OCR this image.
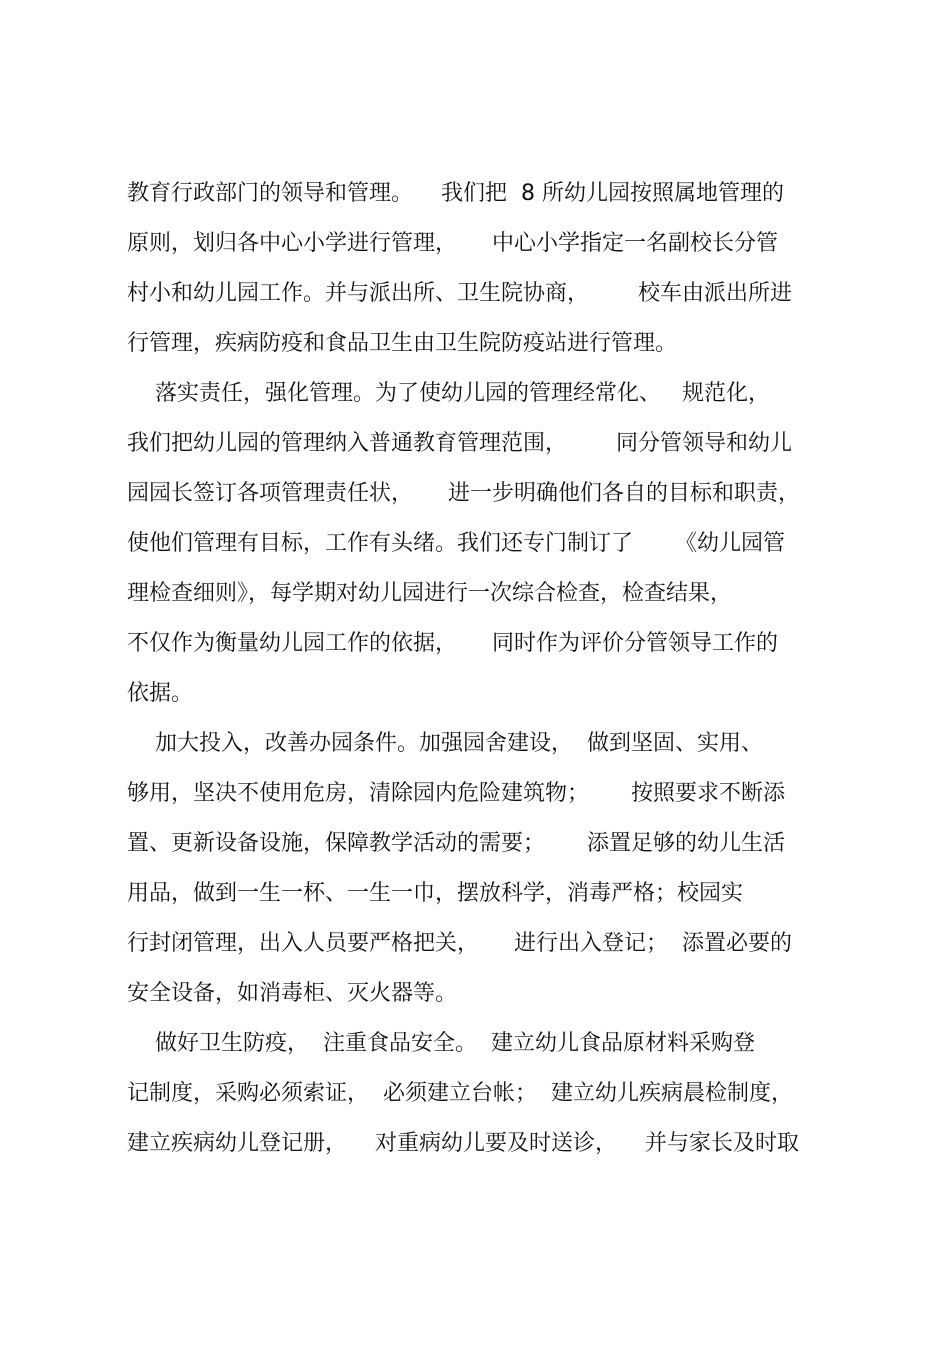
教育行政部门的领导和管理。    我们把  8 所幼儿园按照属地管理的
原则，划归各中心小学进行管理，     中心小学指定一名副校长分管
村小和幼儿园工作。并与派出所、卫生院协商，       校车由派出所进
行管理，疾病防疫和食品卫生由卫生院防疫站进行管理。
落实责任，强化管理。为了使幼儿园的管理经常化、   规范化，
我们把幼儿园的管理纳入普通教育管理范围，       同分管领导和幼儿
园园长签订各项管理责任状，     进一步明确他们各自的目标和职责，
使他们管理有目标，工作有头绪。我们还专门制订了      《幼儿园管
理检查细则》，每学期对幼儿园进行一次综合检查，检查结果，
不仅作为衡量幼儿园工作的依据，     同时作为评价分管领导工作的
依据。
加大投入，改善办园条件。加强园舍建设，  做到坚固、实用、
够用，坚决不使用危房，清除园内危险建筑物；      按照要求不断添
置、更新设备设施，保障教学活动的需要；      添置足够的幼儿生活
用品，做到一生一杯、一生一巾，摆放科学，消毒严格；校园实
行封闭管理，出入人员要严格把关，     进行出入登记；  添置必要的
安全设备，如消毒柜、灭火器等。
做好卫生防疫，  注重食品安全。  建立幼儿食品原材料采购登
记制度，采购必须索证，  必须建立台帐；  建立幼儿疾病晨检制度，
建立疾病幼儿登记册，    对重病幼儿要及时送诊，    并与家长及时取
